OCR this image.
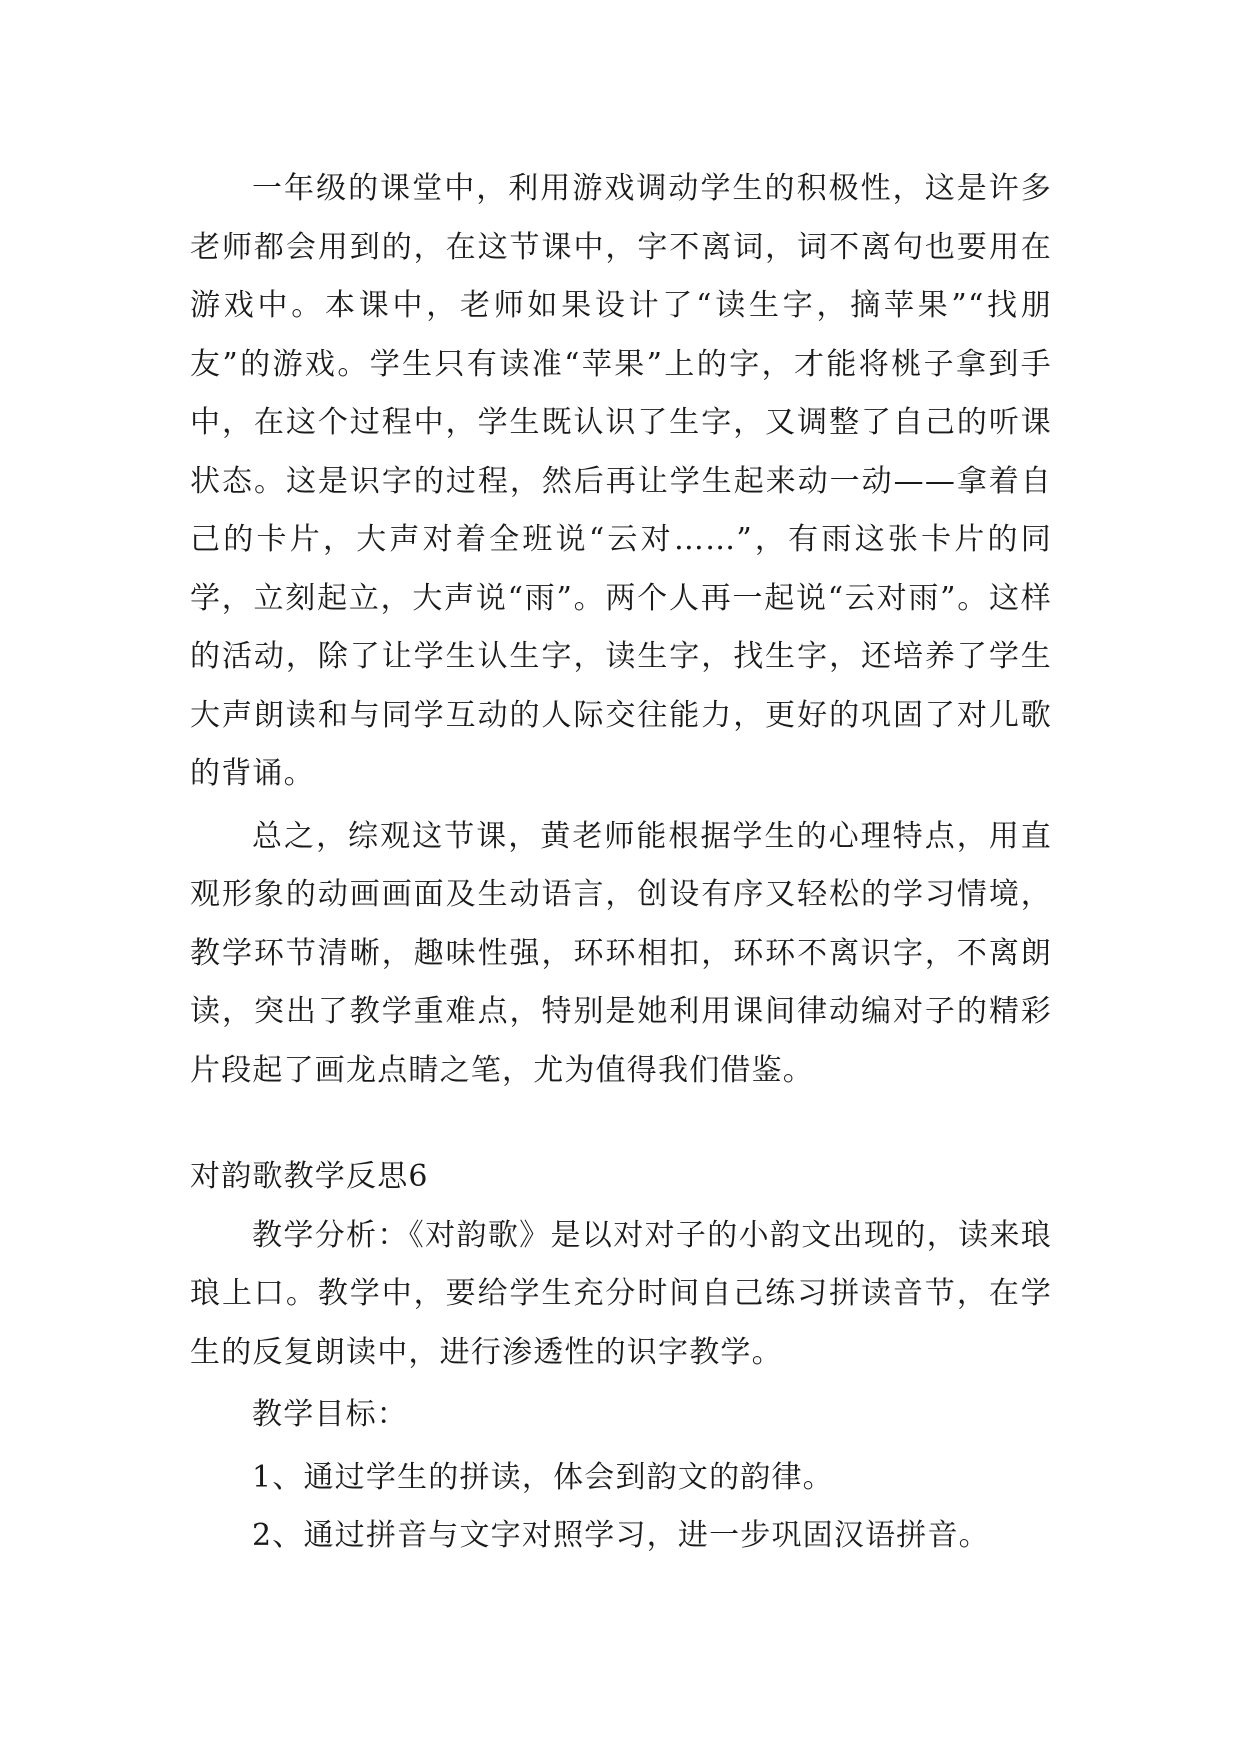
一年级的课堂中，利用游戏调动学生的积极性，这是许多老师都会用到的，在这节课中，字不离词，词不离句也要用在游戏中。本课中，老师如果设计了“读生字，摘苹果”“找朋友”的游戏。学生只有读准“苹果”上的字，才能将桃子拿到手中，在这个过程中，学生既认识了生字，又调整了自己的听课状态。这是识字的过程，然后再让学生起来动一动——拿着自己的卡片，大声对着全班说“云对……”，有雨这张卡片的同学，立刻起立，大声说“雨”。两个人再一起说“云对雨”。这样的活动，除了让学生认生字，读生字，找生字，还培养了学生大声朗读和与同学互动的人际交往能力，更好的巩固了对儿歌的背诵。

总之，综观这节课，黄老师能根据学生的心理特点，用直观形象的动画画面及生动语言，创设有序又轻松的学习情境，教学环节清晰，趣味性强，环环相扣，环环不离识字，不离朗读，突出了教学重难点，特别是她利用课间律动编对子的精彩片段起了画龙点睛之笔，尤为值得我们借鉴。

对韵歌教学反思6

教学分析：《对韵歌》是以对对子的小韵文出现的，读来琅琅上口。教学中，要给学生充分时间自己练习拼读音节，在学生的反复朗读中，进行渗透性的识字教学。

教学目标：

1、通过学生的拼读，体会到韵文的韵律。

2、通过拼音与文字对照学习，进一步巩固汉语拼音。
